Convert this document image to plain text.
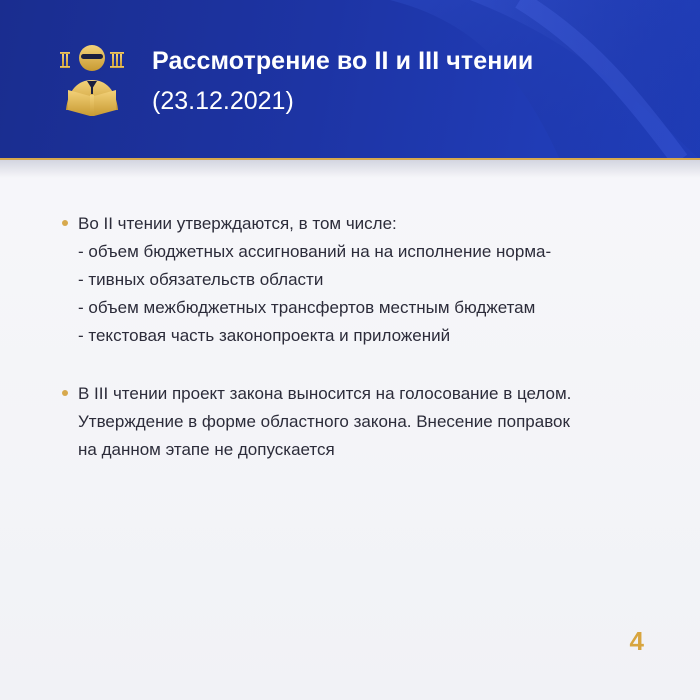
Рассмотрение во II и III чтении
(23.12.2021)
Во II чтении утверждаются, в том числе:
- объем бюджетных ассигнований на на исполнение норма-
- тивных обязательств области
- объем межбюджетных трансфертов местным бюджетам
- текстовая часть законопроекта и приложений
В III чтении проект закона выносится на голосование в целом.
Утверждение в форме областного закона. Внесение поправок
на данном этапе не допускается
4
